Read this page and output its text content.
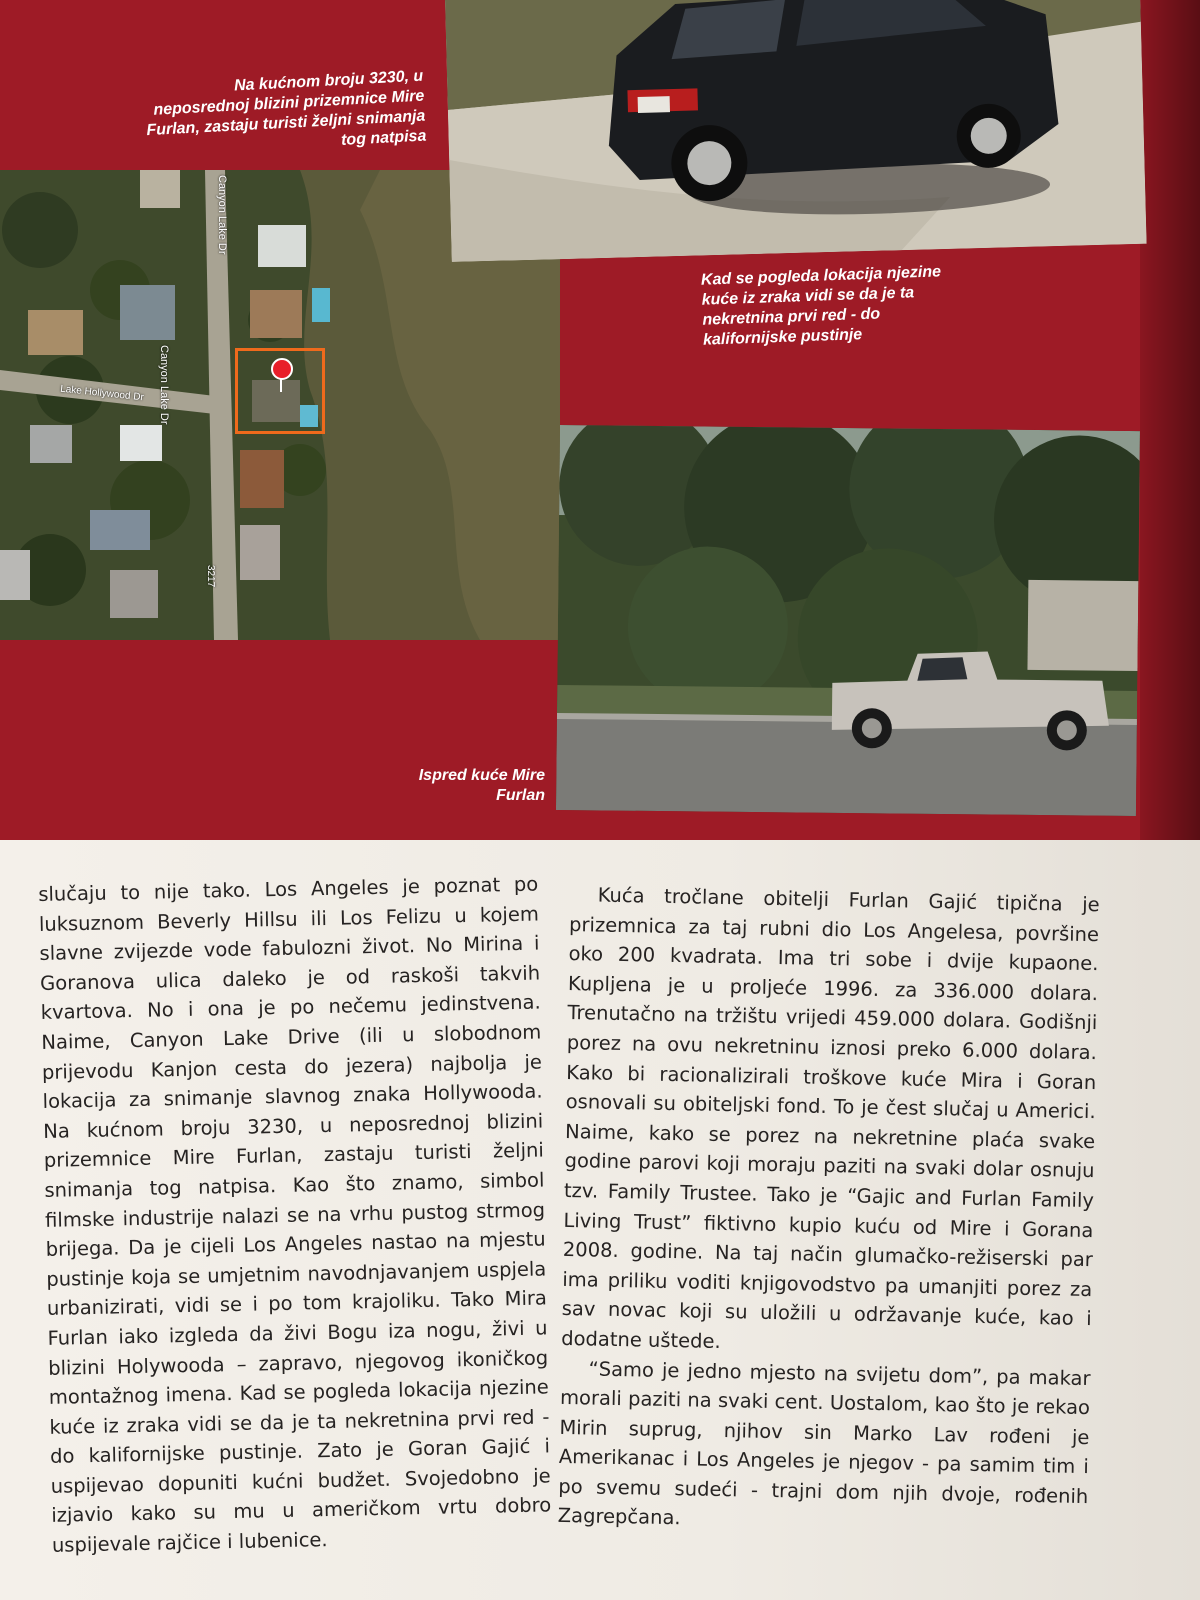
Canyon Lake Dr
Canyon Lake Dr
Lake Hollywood Dr
3217
Na kućnom broju 3230, u neposrednoj blizini prizemnice Mire Furlan, zastaju turisti željni snimanja tog natpisa
Kad se pogleda lokacija njezine kuće iz zraka vidi se da je ta nekretnina prvi red - do kalifornijske pustinje
Ispred kuće Mire Furlan

slučaju to nije tako. Los Angeles je poznat po luksuznom Beverly Hillsu ili Los Felizu u kojem slavne zvijezde vode fabulozni život. No Mirina i Goranova ulica daleko je od raskoši takvih kvartova. No i ona je po nečemu jedinstvena. Naime, Canyon Lake Drive (ili u slobodnom prijevodu Kanjon cesta do jezera) najbolja je lokacija za snimanje slavnog znaka Hollywooda. Na kućnom broju 3230, u neposrednoj blizini prizemnice Mire Furlan, zastaju turisti željni snimanja tog natpisa. Kao što znamo, simbol filmske industrije nalazi se na vrhu pustog strmog brijega. Da je cijeli Los Angeles nastao na mjestu pustinje koja se umjetnim navodnjavanjem uspjela urbanizirati, vidi se i po tom krajoliku. Tako Mira Furlan iako izgleda da živi Bogu iza nogu, živi u blizini Holywooda – zapravo, njegovog ikoničkog montažnog imena. Kad se pogleda lokacija njezine kuće iz zraka vidi se da je ta nekretnina prvi red - do kalifornijske pustinje. Zato je Goran Gajić i uspijevao dopuniti kućni budžet. Svojedobno je izjavio kako su mu u američkom vrtu dobro uspijevale rajčice i lubenice.

Kuća tročlane obitelji Furlan Gajić tipična je prizemnica za taj rubni dio Los Angelesa, površine oko 200 kvadrata. Ima tri sobe i dvije kupaone. Kupljena je u proljeće 1996. za 336.000 dolara. Trenutačno na tržištu vrijedi 459.000 dolara. Godišnji porez na ovu nekretninu iznosi preko 6.000 dolara. Kako bi racionalizirali troškove kuće Mira i Goran osnovali su obiteljski fond. To je čest slučaj u Americi. Naime, kako se porez na nekretnine plaća svake godine parovi koji moraju paziti na svaki dolar osnuju tzv. Family Trustee. Tako je “Gajic and Furlan Family Living Trust” fiktivno kupio kuću od Mire i Gorana 2008. godine. Na taj način glumačko-režiserski par ima priliku voditi knjigovodstvo pa umanjiti porez za sav novac koji su uložili u održavanje kuće, kao i dodatne uštede.

“Samo je jedno mjesto na svijetu dom”, pa makar morali paziti na svaki cent. Uostalom, kao što je rekao Mirin suprug, njihov sin Marko Lav rođeni je Amerikanac i Los Angeles je njegov - pa samim tim i po svemu sudeći - trajni dom njih dvoje, rođenih Zagrepčana.
